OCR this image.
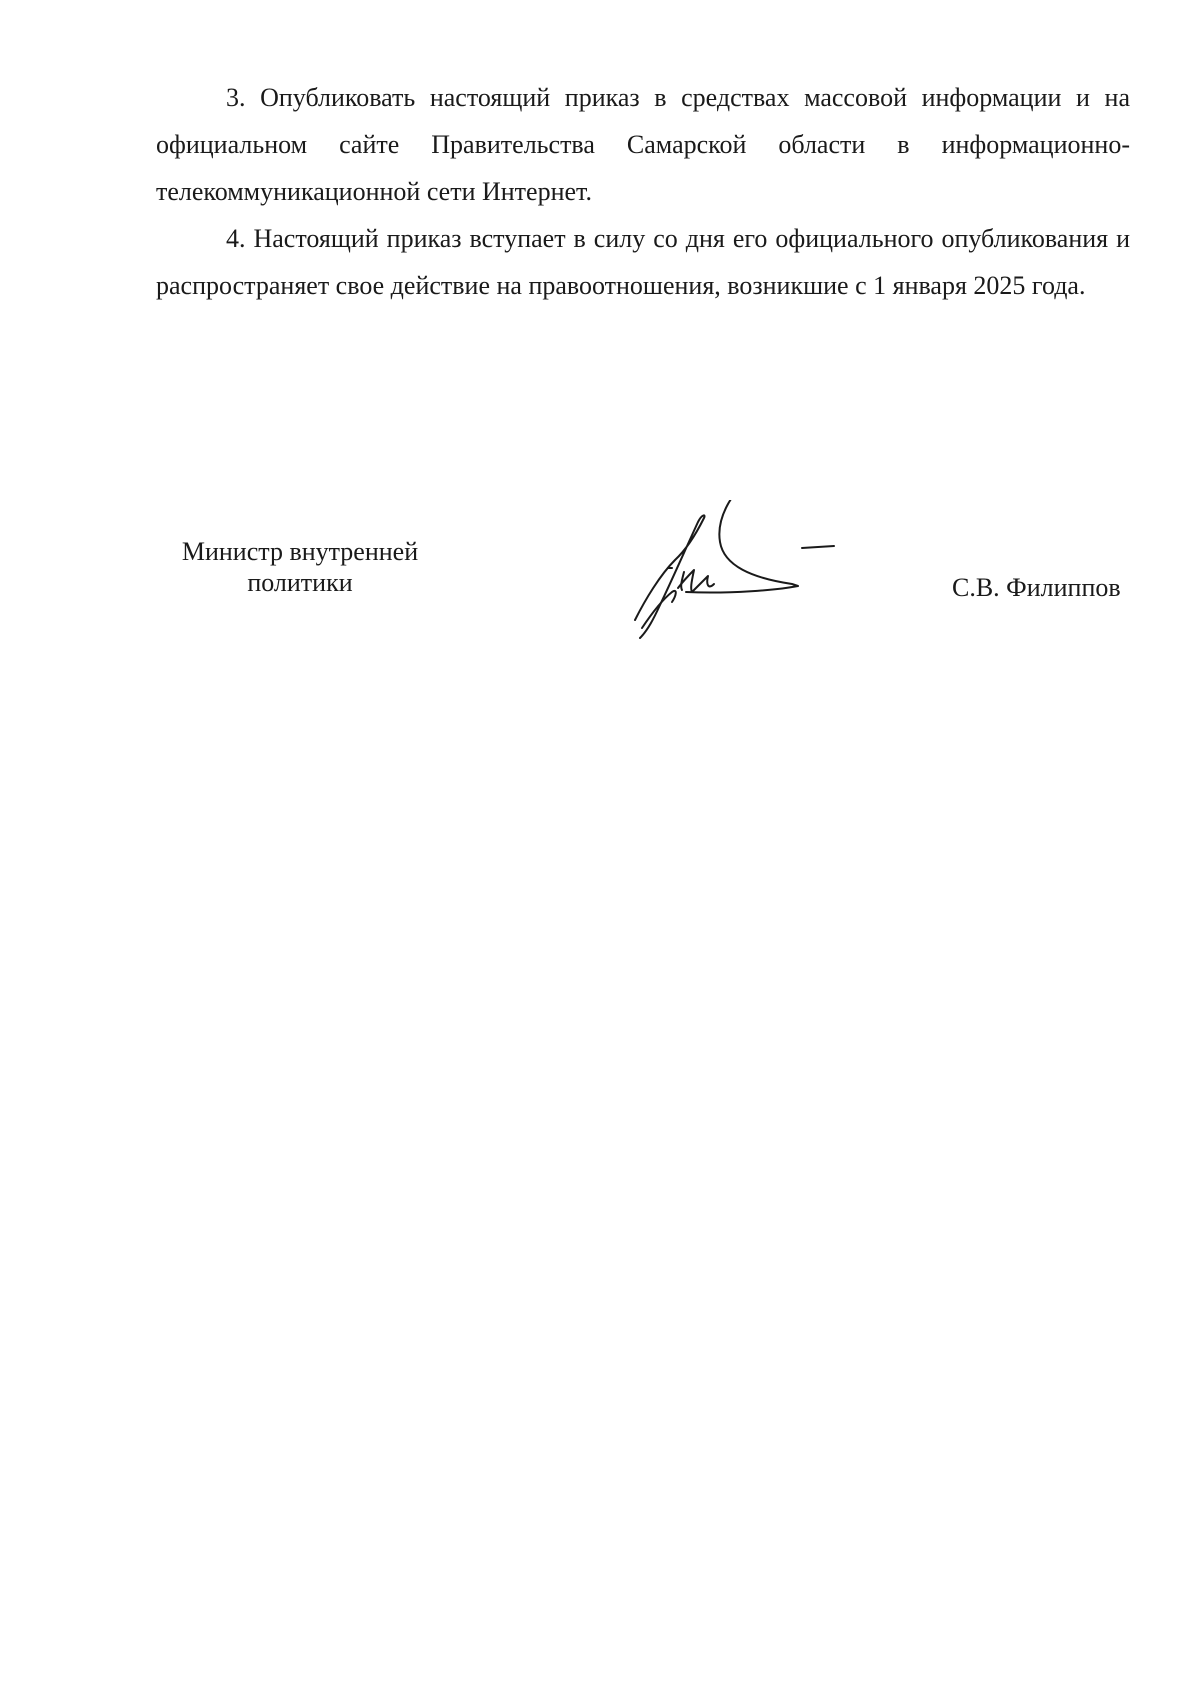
3. Опубликовать настоящий приказ в средствах массовой информации и на официальном сайте Правительства Самарской области в информационно-телекоммуникационной сети Интернет.

4. Настоящий приказ вступает в силу со дня его официального опубликования и распространяет свое действие на правоотношения, возникшие с 1 января 2025 года.

Министр внутренней
политики	С.В. Филиппов
